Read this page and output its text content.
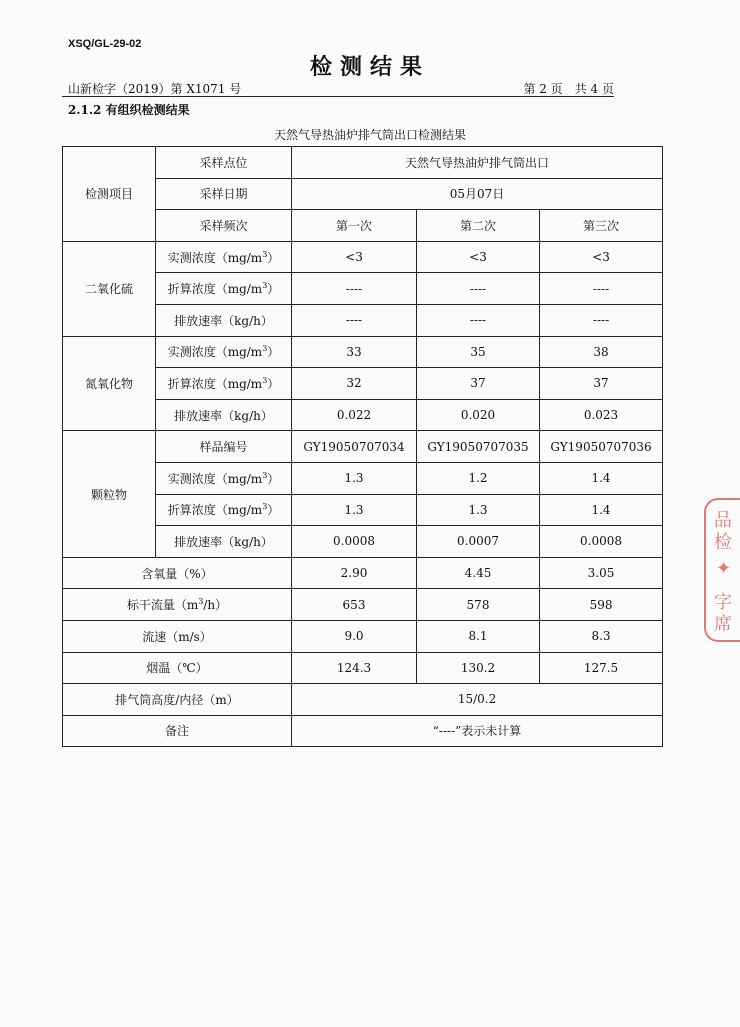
XSQ/GL-29-02
检测结果
山新检字（2019）第 X1071 号	第 2 页　共 4 页
2.1.2 有组织检测结果
天然气导热油炉排气筒出口检测结果
检测项目	采样点位	天然气导热油炉排气筒出口		
	采样日期	05月07日		
	采样频次	第一次	第二次	第三次
二氧化硫	实测浓度$(mg/m^3)$	<3	<3	<3
	折算浓度$(mg/m^3)$	----	----	----
	排放速率（kg/h）	----	----	----
氮氧化物	实测浓度$(mg/m^3)$	33	35	38
	折算浓度$(mg/m^3)$	32	37	37
	排放速率（kg/h）	0.022	0.020	0.023
颗粒物	样品编号	GY19050707034	GY19050707035	GY19050707036
	实测浓度$(mg/m^3)$	1.3	1.2	1.4
	折算浓度$(mg/m^3)$	1.3	1.3	1.4
	排放速率（kg/h）	0.0008	0.0007	0.0008
含氧量（%）		2.90	4.45	3.05
标干流量$(m^3/h)$		653	578	598
流速（m/s）		9.0	8.1	8.3
烟温（℃）		124.3	130.2	127.5
排气筒高度/内径（m）		15/0.2		
备注		“----”表示未计算		
品
检
✦
字
席
